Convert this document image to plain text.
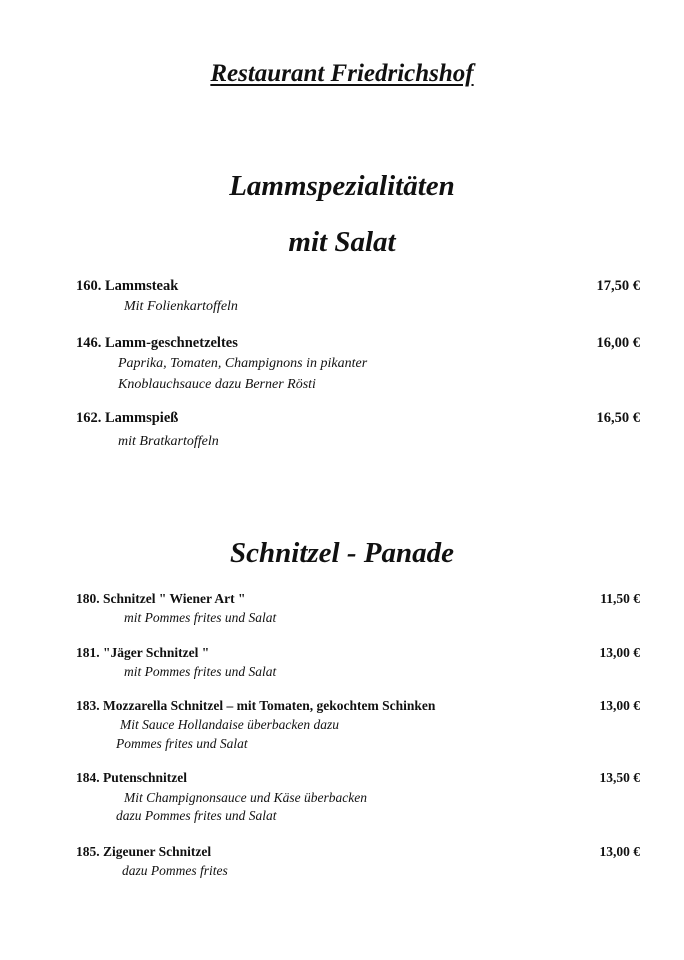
Restaurant Friedrichshof
Lammspezialitäten
mit Salat
160. Lammsteak	17,50 €
Mit Folienkartoffeln
146. Lamm-geschnetzeltes	16,00 €
Paprika, Tomaten, Champignons in pikanter
Knoblauchsauce dazu Berner Rösti
162. Lammspieß	16,50 €
mit Bratkartoffeln
Schnitzel - Panade
180. Schnitzel " Wiener Art "	11,50 €
mit Pommes frites und Salat
181. "Jäger Schnitzel "	13,00 €
mit Pommes frites und Salat
183. Mozzarella Schnitzel – mit Tomaten, gekochtem Schinken	13,00 €
Mit Sauce Hollandaise überbacken dazu
Pommes frites und Salat
184. Putenschnitzel	13,50 €
Mit Champignonsauce und Käse überbacken
dazu Pommes frites und Salat
185. Zigeuner Schnitzel	13,00 €
dazu Pommes frites
